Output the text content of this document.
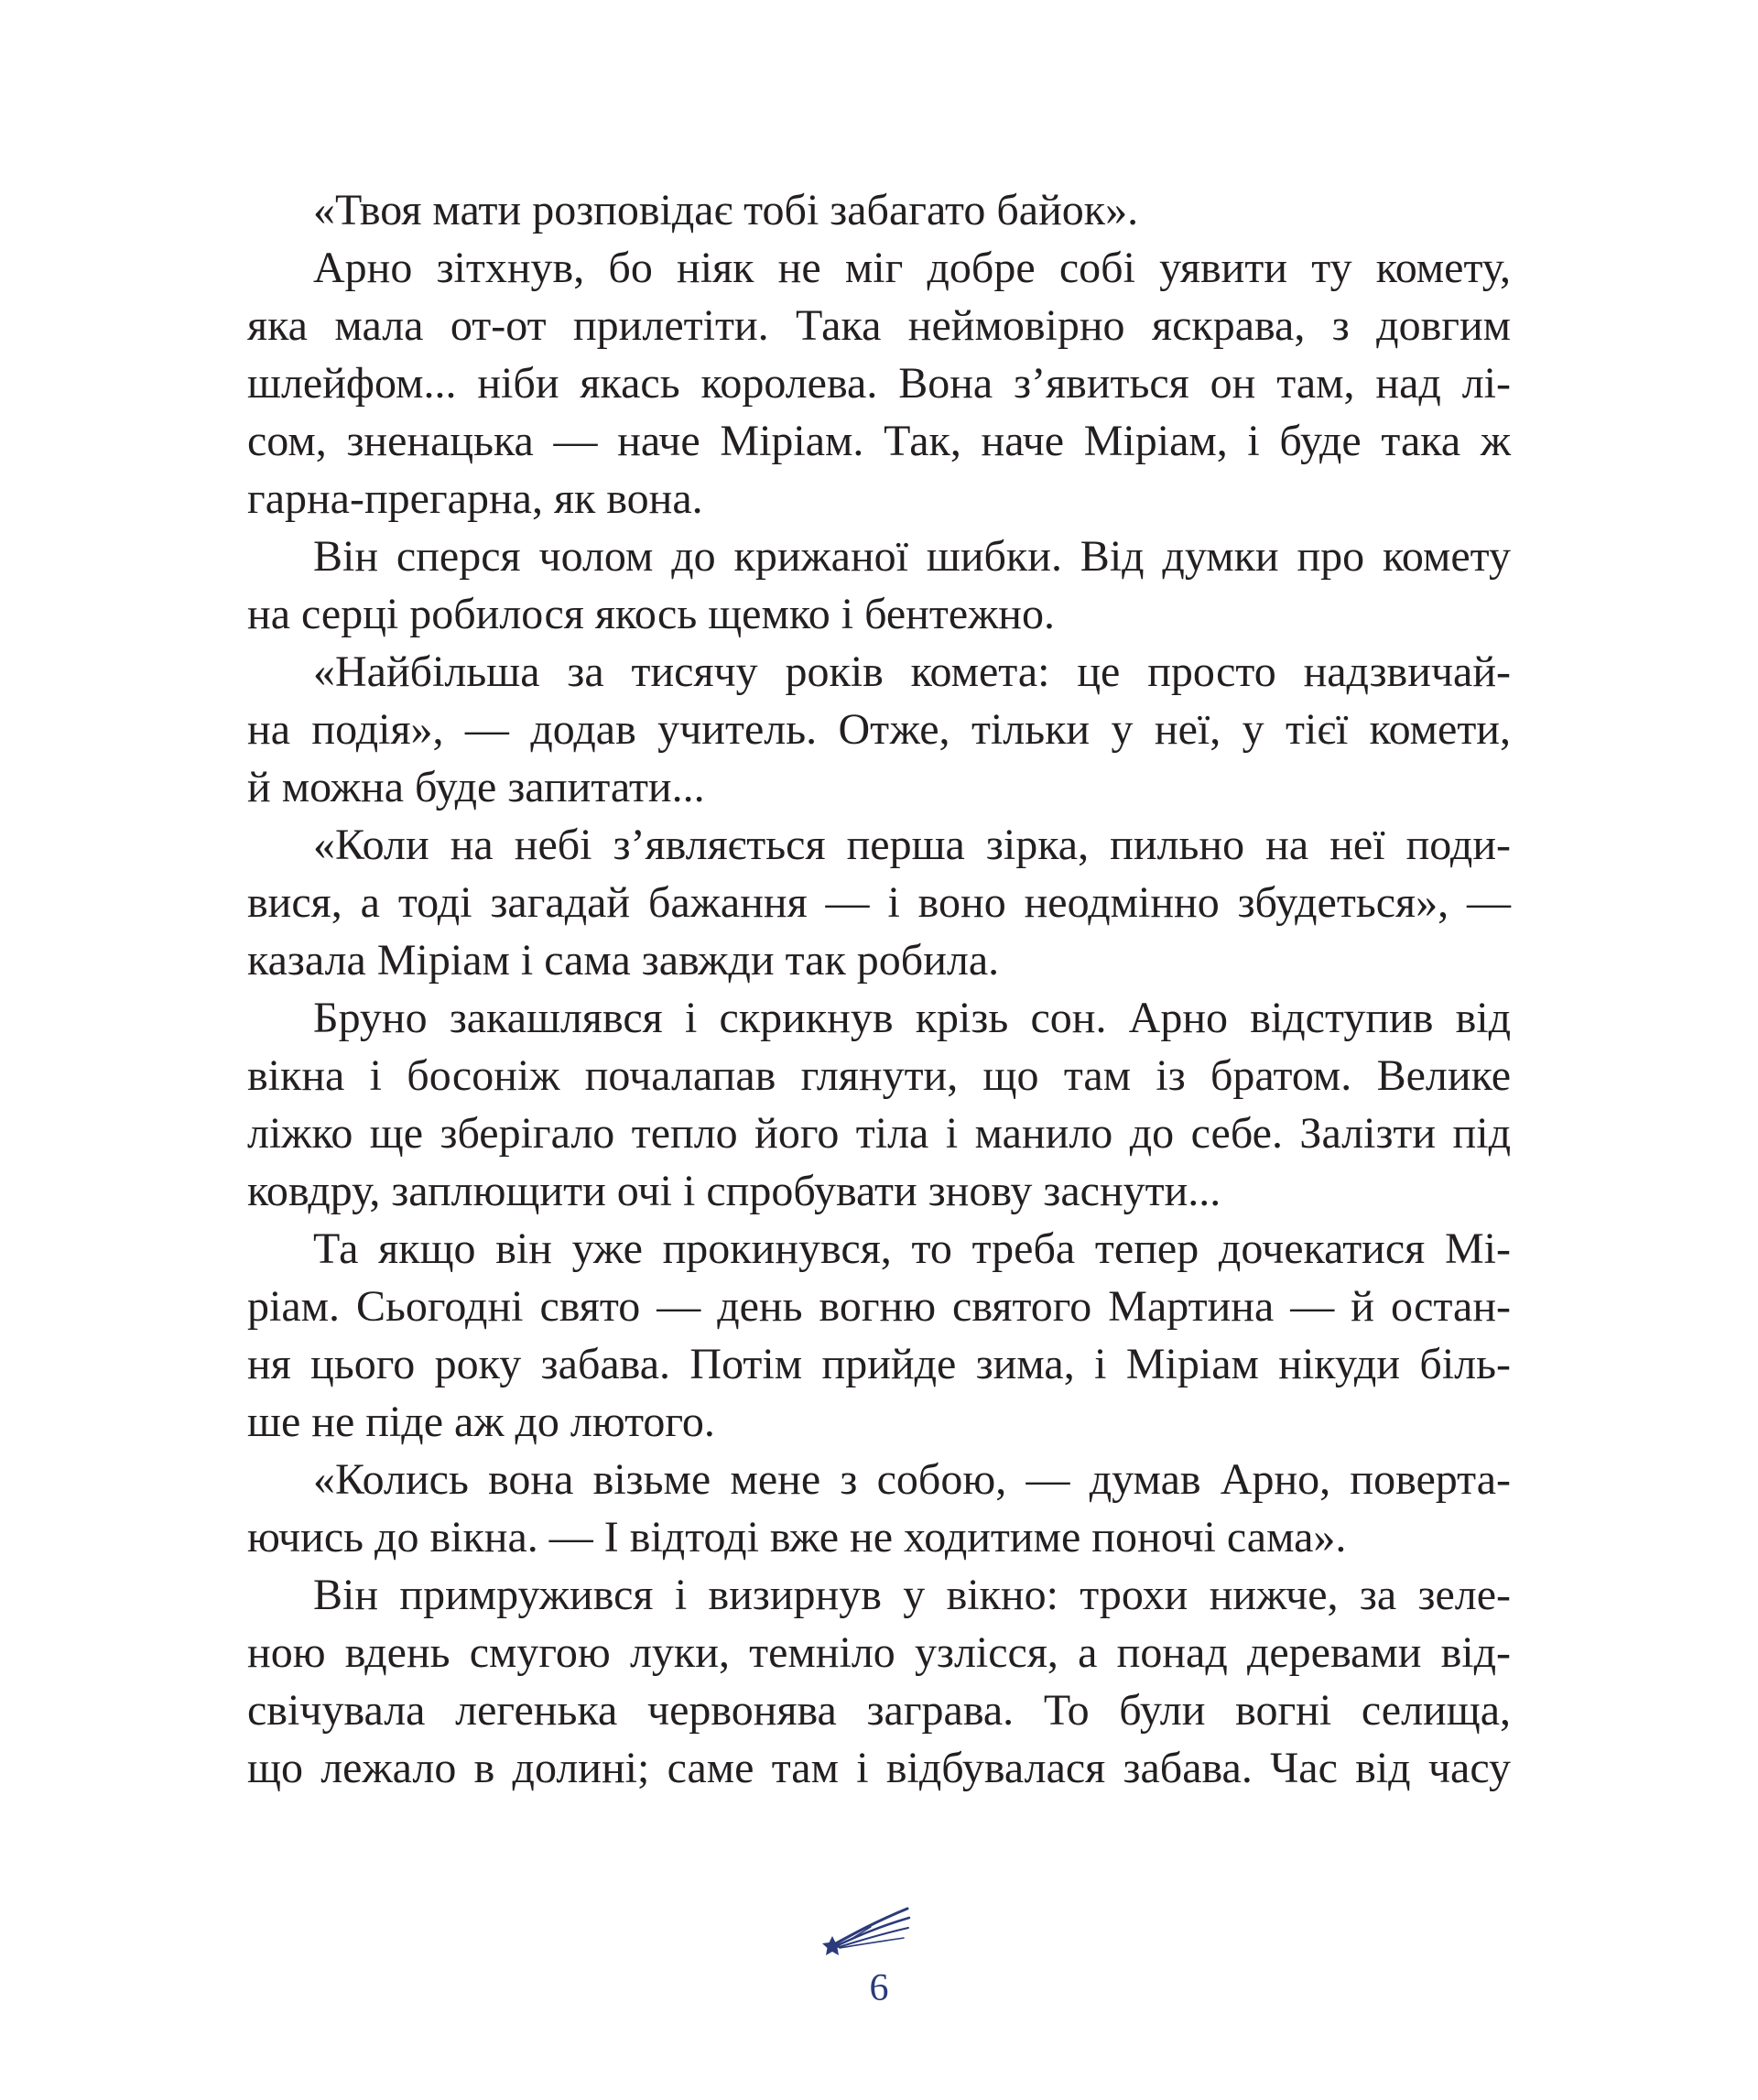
«Твоя мати розповідає тобі забагато байок».
Арно зітхнув, бо ніяк не міг добре собі уявити ту комету,
яка мала от-от прилетіти. Така неймовірно яскрава, з довгим
шлейфом... ніби якась королева. Вона з’явиться он там, над лі-
сом, зненацька — наче Міріам. Так, наче Міріам, і буде така ж
гарна-прегарна, як вона.
Він сперся чолом до крижаної шибки. Від думки про комету
на серці робилося якось щемко і бентежно.
«Найбільша за тисячу років комета: це просто надзвичай-
на подія», — додав учитель. Отже, тільки у неї, у тієї комети,
й можна буде запитати...
«Коли на небі з’являється перша зірка, пильно на неї поди-
вися, а тоді загадай бажання — і воно неодмінно збудеться», —
казала Міріам і сама завжди так робила.
Бруно закашлявся і скрикнув крізь сон. Арно відступив від
вікна і босоніж почалапав глянути, що там із братом. Велике
ліжко ще зберігало тепло його тіла і манило до себе. Залізти під
ковдру, заплющити очі і спробувати знову заснути...
Та якщо він уже прокинувся, то треба тепер дочекатися Мі-
ріам. Сьогодні свято — день вогню святого Мартина — й остан-
ня цього року забава. Потім прийде зима, і Міріам нікуди біль-
ше не піде аж до лютого.
«Колись вона візьме мене з собою, — думав Арно, поверта-
ючись до вікна. — І відтоді вже не ходитиме поночі сама».
Він примружився і визирнув у вікно: трохи нижче, за зеле-
ною вдень смугою луки, темніло узлісся, а понад деревами від-
свічувала легенька червонява заграва. То були вогні селища,
що лежало в долині; саме там і відбувалася забава. Час від часу
6
